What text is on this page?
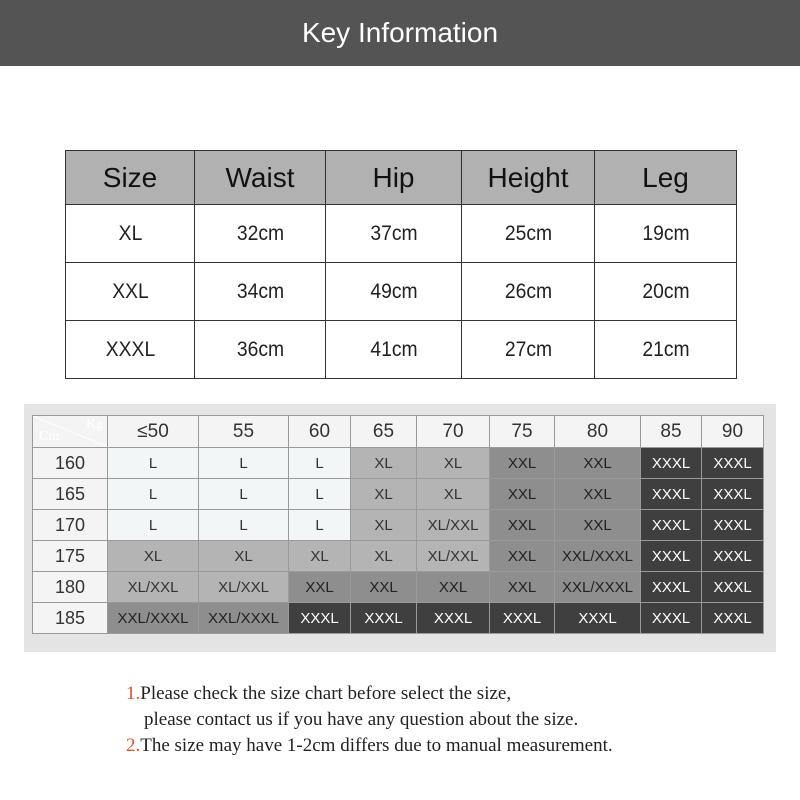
Key Information
Size	Waist	Hip	Height	Leg
XL	32cm	37cm	25cm	19cm
XXL	34cm	49cm	26cm	20cm
XXXL	36cm	41cm	27cm	21cm
Kg
Cm	≤50	55	60	65	70	75	80	85	90
160	L	L	L	XL	XL	XXL	XXL	XXXL	XXXL
165	L	L	L	XL	XL	XXL	XXL	XXXL	XXXL
170	L	L	L	XL	XL/XXL	XXL	XXL	XXXL	XXXL
175	XL	XL	XL	XL	XL/XXL	XXL	XXL/XXXL	XXXL	XXXL
180	XL/XXL	XL/XXL	XXL	XXL	XXL	XXL	XXL/XXXL	XXXL	XXXL
185	XXL/XXXL	XXL/XXXL	XXXL	XXXL	XXXL	XXXL	XXXL	XXXL	XXXL
1.Please check the size chart before select the size,
please contact us if you have any question about the size.
2.The size may have 1-2cm differs due to manual measurement.
